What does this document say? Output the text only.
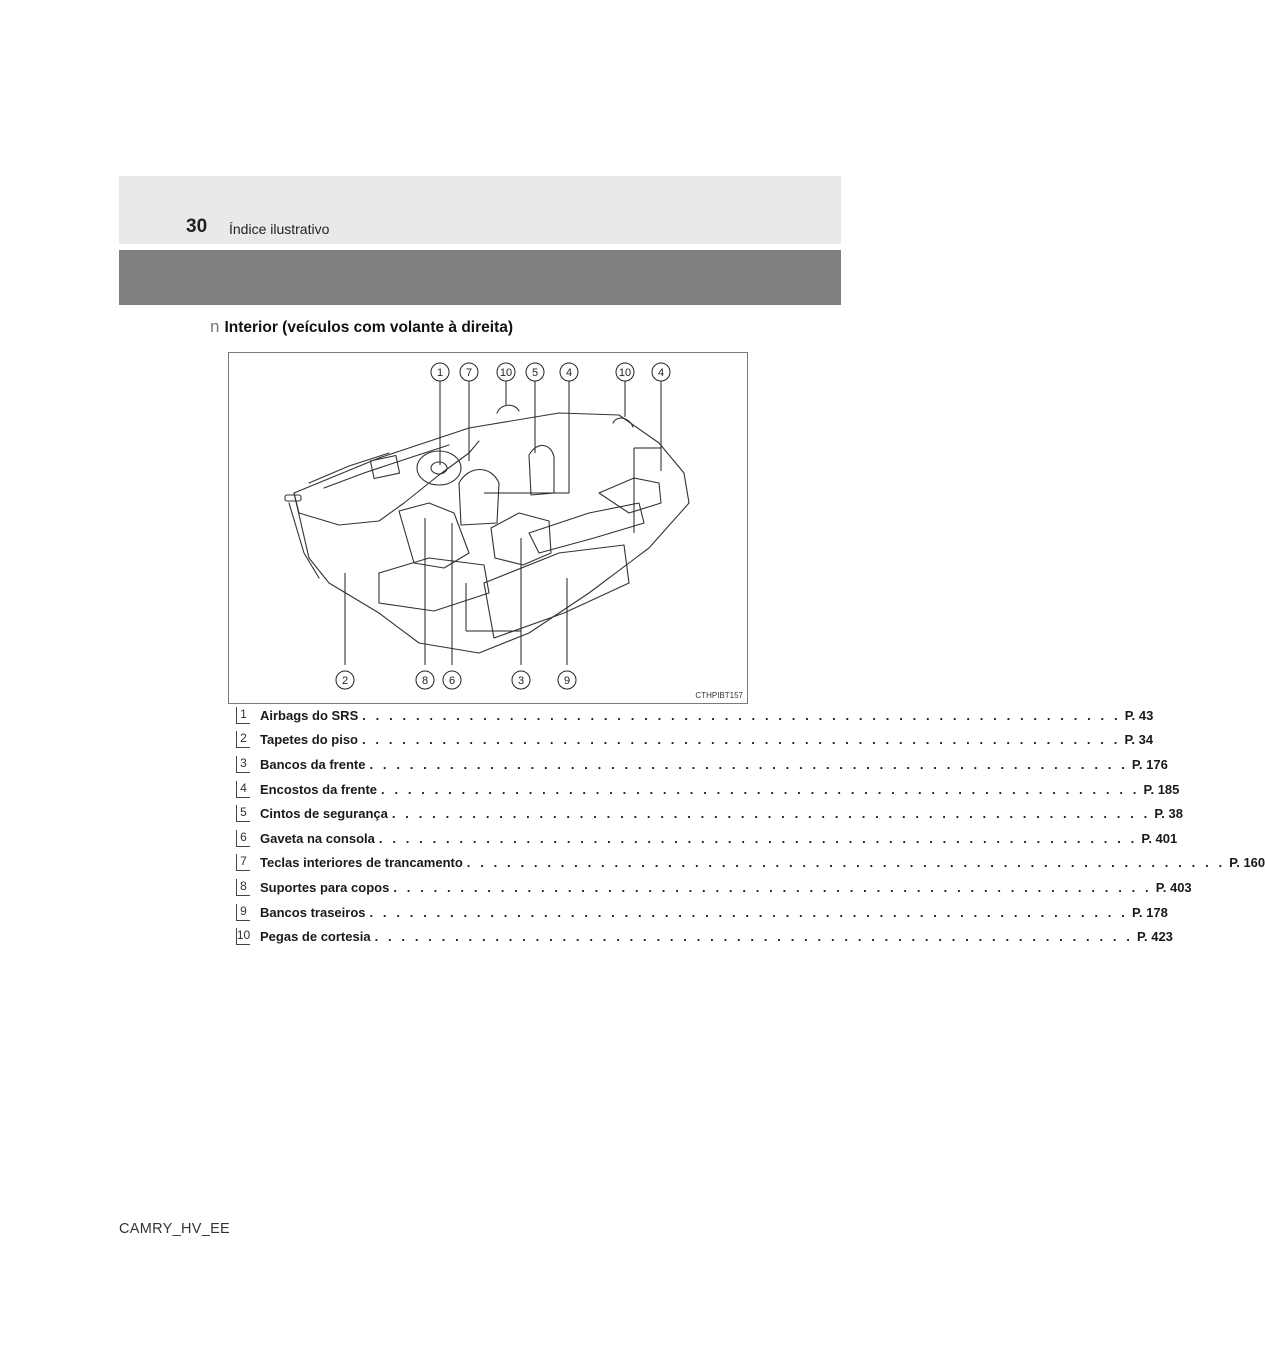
30 Índice ilustrativo
n Interior (veículos com volante à direita)
1 7	10 5	4	10 4
2	8 6	3	9
CTHPIBT157
1 Airbags do SRS . . . . . . . . . . . . . . . . . . . . . . . . . . . . . . . . . . . . . . . . . . . . . . . . . . . . . . . . . P. 43
2 Tapetes do piso . . . . . . . . . . . . . . . . . . . . . . . . . . . . . . . . . . . . . . . . . . . . . . . . . . . . . . . . . P. 34
3 Bancos da frente . . . . . . . . . . . . . . . . . . . . . . . . . . . . . . . . . . . . . . . . . . . . . . . . . . . . . . . . . P. 176
4 Encostos da frente . . . . . . . . . . . . . . . . . . . . . . . . . . . . . . . . . . . . . . . . . . . . . . . . . . . . . . . . . P. 185
5 Cintos de segurança . . . . . . . . . . . . . . . . . . . . . . . . . . . . . . . . . . . . . . . . . . . . . . . . . . . . . . . . . P. 38
6 Gaveta na consola . . . . . . . . . . . . . . . . . . . . . . . . . . . . . . . . . . . . . . . . . . . . . . . . . . . . . . . . . P. 401
7 Teclas interiores de trancamento . . . . . . . . . . . . . . . . . . . . . . . . . . . . . . . . . . . . . . . . . . . . . . . . . . . . . . . . . P. 160
8 Suportes para copos . . . . . . . . . . . . . . . . . . . . . . . . . . . . . . . . . . . . . . . . . . . . . . . . . . . . . . . . . P. 403
9 Bancos traseiros . . . . . . . . . . . . . . . . . . . . . . . . . . . . . . . . . . . . . . . . . . . . . . . . . . . . . . . . . P. 178
10 Pegas de cortesia . . . . . . . . . . . . . . . . . . . . . . . . . . . . . . . . . . . . . . . . . . . . . . . . . . . . . . . . . P. 423
CAMRY_HV_EE
